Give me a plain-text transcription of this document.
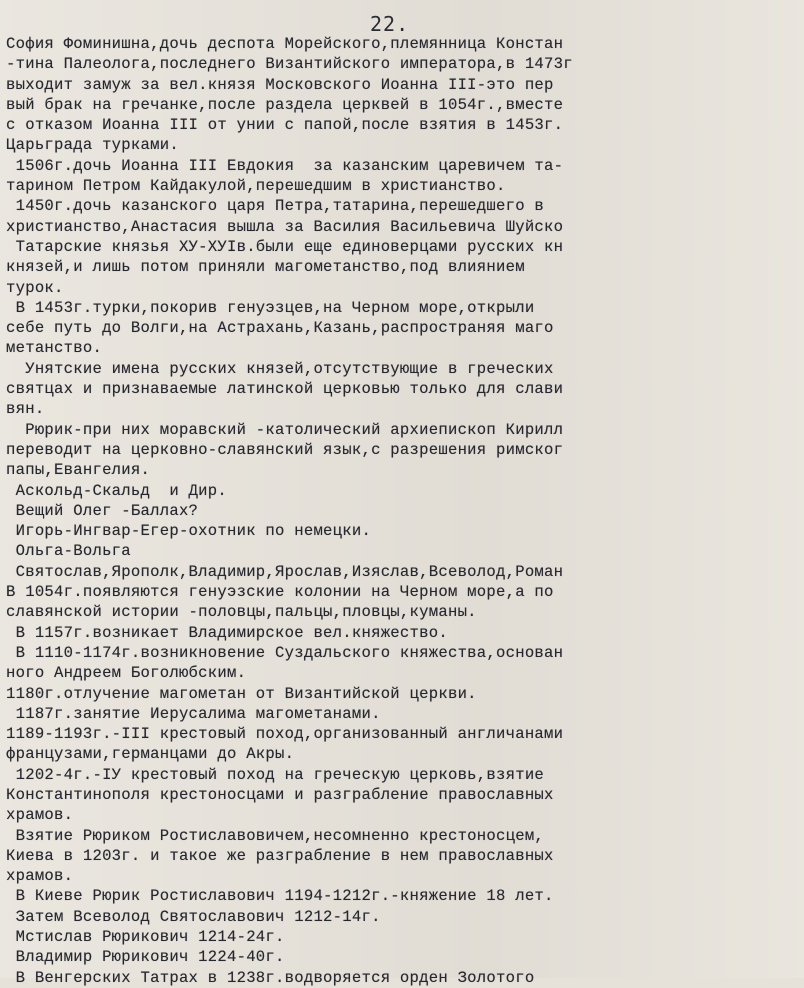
22.
София Фоминишна,дочь деспота Морейского,племянница Констан
-тина Палеолога,последнего Византийского императора,в 1473г
выходит замуж за вел.князя Московского Иоанна III-это пер
вый брак на гречанке,после раздела церквей в 1054г.,вместе
с отказом Иоанна III от унии с папой,после взятия в 1453г.
Царьграда турками.
1506г.дочь Иоанна III Евдокия  за казанским царевичем та-
тарином Петром Кайдакулой,перешедшим в христианство.
1450г.дочь казанского царя Петра,татарина,перешедшего в
христианство,Анастасия вышла за Василия Васильевича Шуйско
Татарские князья ХУ-ХУIв.были еще единоверцами русских кн
князей,и лишь потом приняли магометанство,под влиянием
турок.
В 1453г.турки,покорив генуэзцев,на Черном море,открыли
себе путь до Волги,на Астрахань,Казань,распространяя маго
метанство.
Унятские имена русских князей,отсутствующие в греческих
святцах и признаваемые латинской церковью только для слави
вян.
Рюрик-при них моравский -католический архиепископ Кирилл
переводит на церковно-славянский язык,с разрешения римског
папы,Евангелия.
Аскольд-Скальд  и Дир.
Вещий Олег -Баллах?
Игорь-Ингвар-Егер-охотник по немецки.
Ольга-Вольга
Святослав,Ярополк,Владимир,Ярослав,Изяслав,Всеволод,Роман
В 1054г.появляются генуэзские колонии на Черном море,а по
славянской истории -половцы,пальцы,пловцы,куманы.
В 1157г.возникает Владимирское вел.княжество.
В 1110-1174г.возникновение Суздальского княжества,основан
ного Андреем Боголюбским.
1180г.отлучение магометан от Византийской церкви.
1187г.занятие Иерусалима магометанами.
1189-1193г.-III крестовый поход,организованный англичанами
французами,германцами до Акры.
1202-4г.-IУ крестовый поход на греческую церковь,взятие
Константинополя крестоносцами и разграбление православных
храмов.
Взятие Рюриком Ростиславовичем,несомненно крестоносцем,
Киева в 1203г. и такое же разграбление в нем православных
храмов.
В Киеве Рюрик Ростиславович 1194-1212г.-княжение 18 лет.
Затем Всеволод Святославович 1212-14г.
Мстислав Рюрикович 1214-24г.
Владимир Рюрикович 1224-40г.
В Венгерских Татрах в 1238г.водворяется орден Золотого
